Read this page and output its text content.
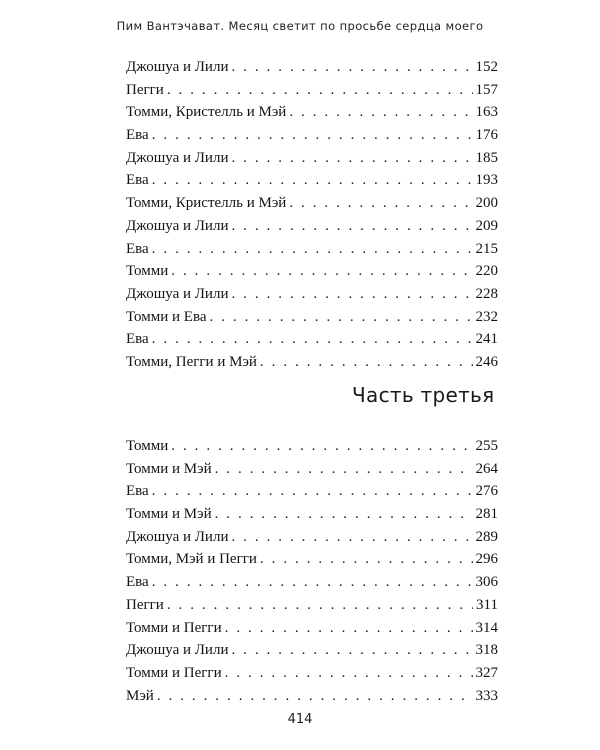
Пим Вантэчават. Месяц светит по просьбе сердца моего
Джошуа и Лили . . .	152
Пегги . . .	157
Томми, Кристелль и Мэй . . .	163
Ева . . .	176
Джошуа и Лили . . .	185
Ева . . .	193
Томми, Кристелль и Мэй . . .	200
Джошуа и Лили . . .	209
Ева . . .	215
Томми . . .	220
Джошуа и Лили . . .	228
Томми и Ева . . .	232
Ева . . .	241
Томми, Пегги и Мэй . . .	246
Часть третья
Томми . . .	255
Томми и Мэй . . .	264
Ева . . .	276
Томми и Мэй . . .	281
Джошуа и Лили . . .	289
Томми, Мэй и Пегги . . .	296
Ева . . .	306
Пегги . . .	311
Томми и Пегги . . .	314
Джошуа и Лили . . .	318
Томми и Пегги . . .	327
Мэй . . .	333
414
